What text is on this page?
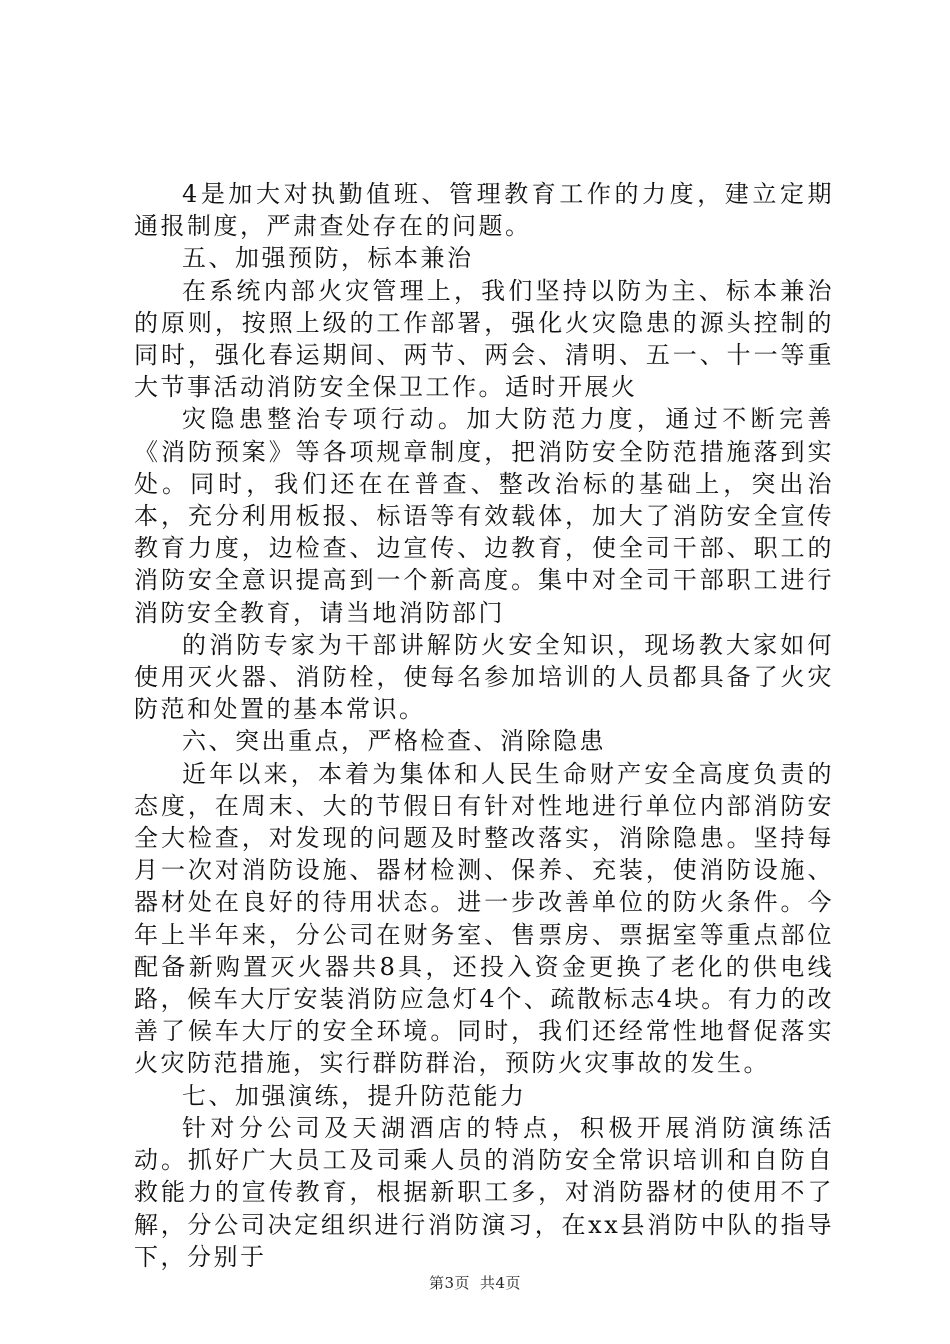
4是加大对执勤值班、管理教育工作的力度，建立定期通报制度，严肃查处存在的问题。

五、加强预防，标本兼治

在系统内部火灾管理上，我们坚持以防为主、标本兼治的原则，按照上级的工作部署，强化火灾隐患的源头控制的同时，强化春运期间、两节、两会、清明、五一、十一等重大节事活动消防安全保卫工作。适时开展火

灾隐患整治专项行动。加大防范力度，通过不断完善《消防预案》等各项规章制度，把消防安全防范措施落到实处。同时，我们还在在普查、整改治标的基础上，突出治本，充分利用板报、标语等有效载体，加大了消防安全宣传教育力度，边检查、边宣传、边教育，使全司干部、职工的消防安全意识提高到一个新高度。集中对全司干部职工进行消防安全教育，请当地消防部门

的消防专家为干部讲解防火安全知识，现场教大家如何使用灭火器、消防栓，使每名参加培训的人员都具备了火灾防范和处置的基本常识。

六、突出重点，严格检查、消除隐患

近年以来，本着为集体和人民生命财产安全高度负责的态度，在周末、大的节假日有针对性地进行单位内部消防安全大检查，对发现的问题及时整改落实，消除隐患。坚持每月一次对消防设施、器材检测、保养、充装，使消防设施、器材处在良好的待用状态。进一步改善单位的防火条件。今年上半年来，分公司在财务室、售票房、票据室等重点部位配备新购置灭火器共8具，还投入资金更换了老化的供电线路，候车大厅安装消防应急灯4个、疏散标志4块。有力的改善了候车大厅的安全环境。同时，我们还经常性地督促落实火灾防范措施，实行群防群治，预防火灾事故的发生。

七、加强演练，提升防范能力

针对分公司及天湖酒店的特点，积极开展消防演练活动。抓好广大员工及司乘人员的消防安全常识培训和自防自救能力的宣传教育，根据新职工多，对消防器材的使用不了解，分公司决定组织进行消防演习，在xx县消防中队的指导下，分别于

第3页 共4页
